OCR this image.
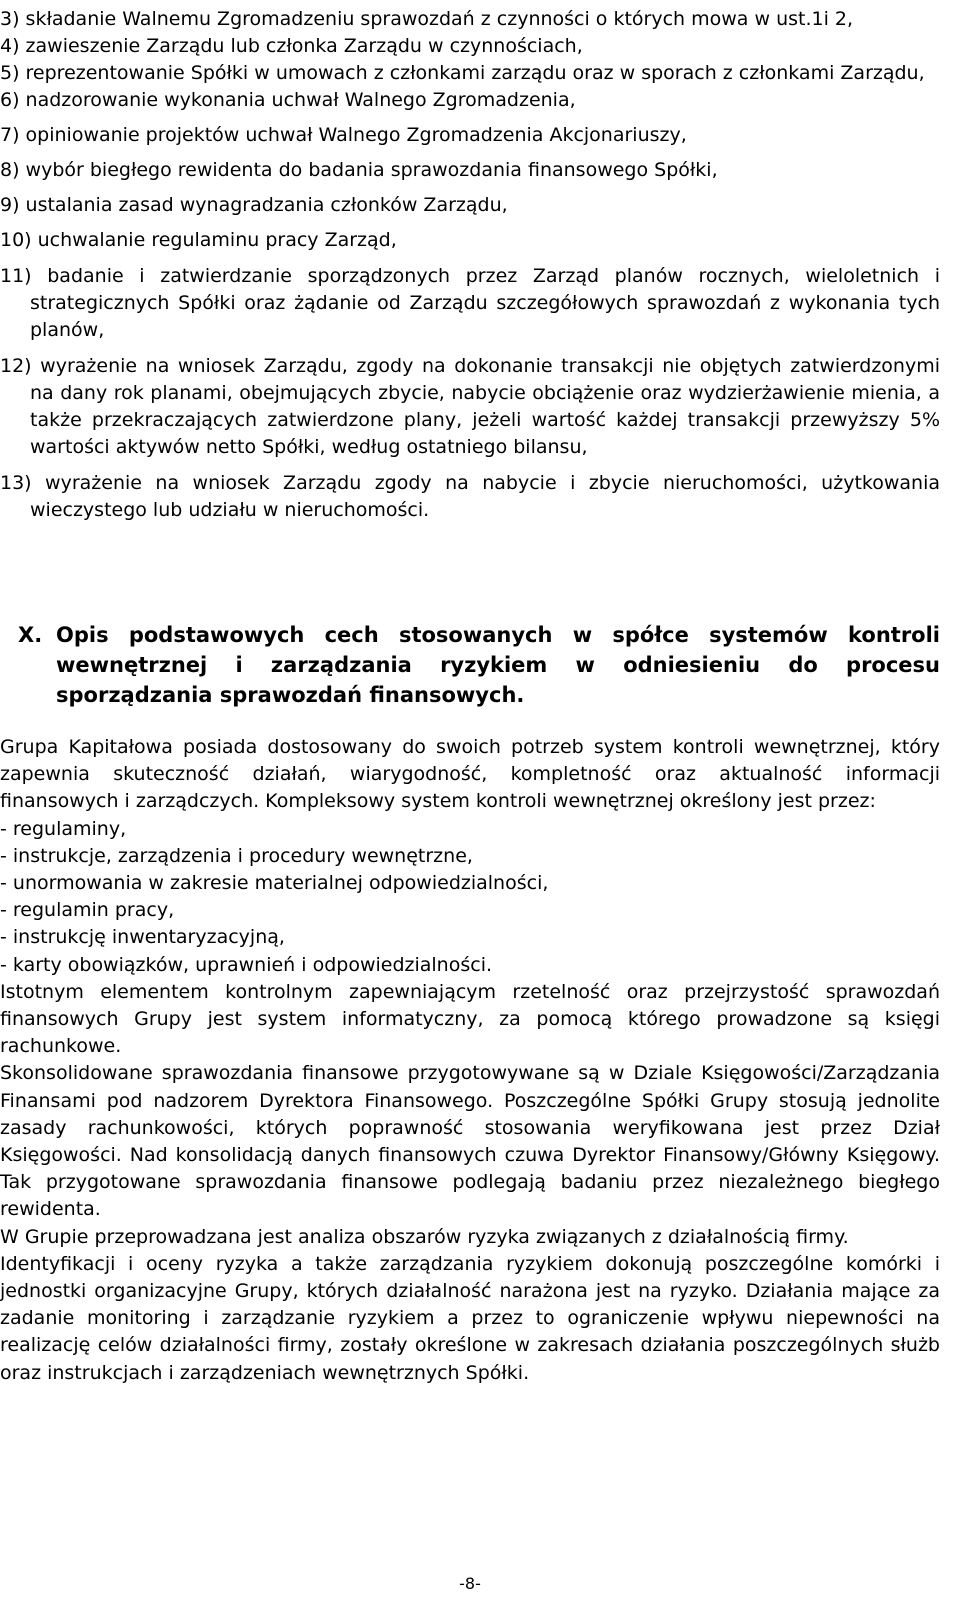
3) składanie Walnemu Zgromadzeniu sprawozdań z czynności o których mowa w ust.1i 2,

4) zawieszenie Zarządu lub członka Zarządu w czynnościach,

5) reprezentowanie Spółki w umowach z członkami zarządu oraz w sporach z członkami Zarządu,

6) nadzorowanie wykonania uchwał Walnego Zgromadzenia,

7) opiniowanie projektów uchwał Walnego Zgromadzenia Akcjonariuszy,

8) wybór biegłego rewidenta do badania sprawozdania finansowego Spółki,

9) ustalania zasad wynagradzania członków Zarządu,

10) uchwalanie regulaminu pracy Zarząd,

11) badanie i zatwierdzanie sporządzonych przez Zarząd planów rocznych, wieloletnich i strategicznych Spółki oraz żądanie od Zarządu szczegółowych sprawozdań z wykonania tych planów,

12) wyrażenie na wniosek Zarządu, zgody na dokonanie transakcji nie objętych zatwierdzonymi na dany rok planami, obejmujących zbycie, nabycie obciążenie oraz wydzierżawienie mienia, a także przekraczających zatwierdzone plany, jeżeli wartość każdej transakcji przewyższy 5% wartości aktywów netto Spółki, według ostatniego bilansu,

13) wyrażenie na wniosek Zarządu zgody na nabycie i zbycie nieruchomości, użytkowania wieczystego lub udziału w nieruchomości.

X. Opis podstawowych cech stosowanych w spółce systemów kontroli wewnętrznej i zarządzania ryzykiem w odniesieniu do procesu sporządzania sprawozdań finansowych.

Grupa Kapitałowa posiada dostosowany do swoich potrzeb system kontroli wewnętrznej, który zapewnia skuteczność działań, wiarygodność, kompletność oraz aktualność informacji finansowych i zarządczych. Kompleksowy system kontroli wewnętrznej określony jest przez:

- regulaminy,

- instrukcje, zarządzenia i procedury wewnętrzne,

- unormowania w zakresie materialnej odpowiedzialności,

- regulamin pracy,

- instrukcję inwentaryzacyjną,

- karty obowiązków, uprawnień i odpowiedzialności.

Istotnym elementem kontrolnym zapewniającym rzetelność oraz przejrzystość sprawozdań finansowych Grupy jest system informatyczny, za pomocą którego prowadzone są księgi rachunkowe.

Skonsolidowane sprawozdania finansowe przygotowywane są w Dziale Księgowości/Zarządzania Finansami pod nadzorem Dyrektora Finansowego. Poszczególne Spółki Grupy stosują jednolite zasady rachunkowości, których poprawność stosowania weryfikowana jest przez Dział Księgowości. Nad konsolidacją danych finansowych czuwa Dyrektor Finansowy/Główny Księgowy. Tak przygotowane sprawozdania finansowe podlegają badaniu przez niezależnego biegłego rewidenta.

W Grupie przeprowadzana jest analiza obszarów ryzyka związanych z działalnością firmy.

Identyfikacji i oceny ryzyka a także zarządzania ryzykiem dokonują poszczególne komórki i jednostki organizacyjne Grupy, których działalność narażona jest na ryzyko. Działania mające za zadanie monitoring i zarządzanie ryzykiem a przez to ograniczenie wpływu niepewności na realizację celów działalności firmy, zostały określone w zakresach działania poszczególnych służb oraz instrukcjach i zarządzeniach wewnętrznych Spółki.

-8-
